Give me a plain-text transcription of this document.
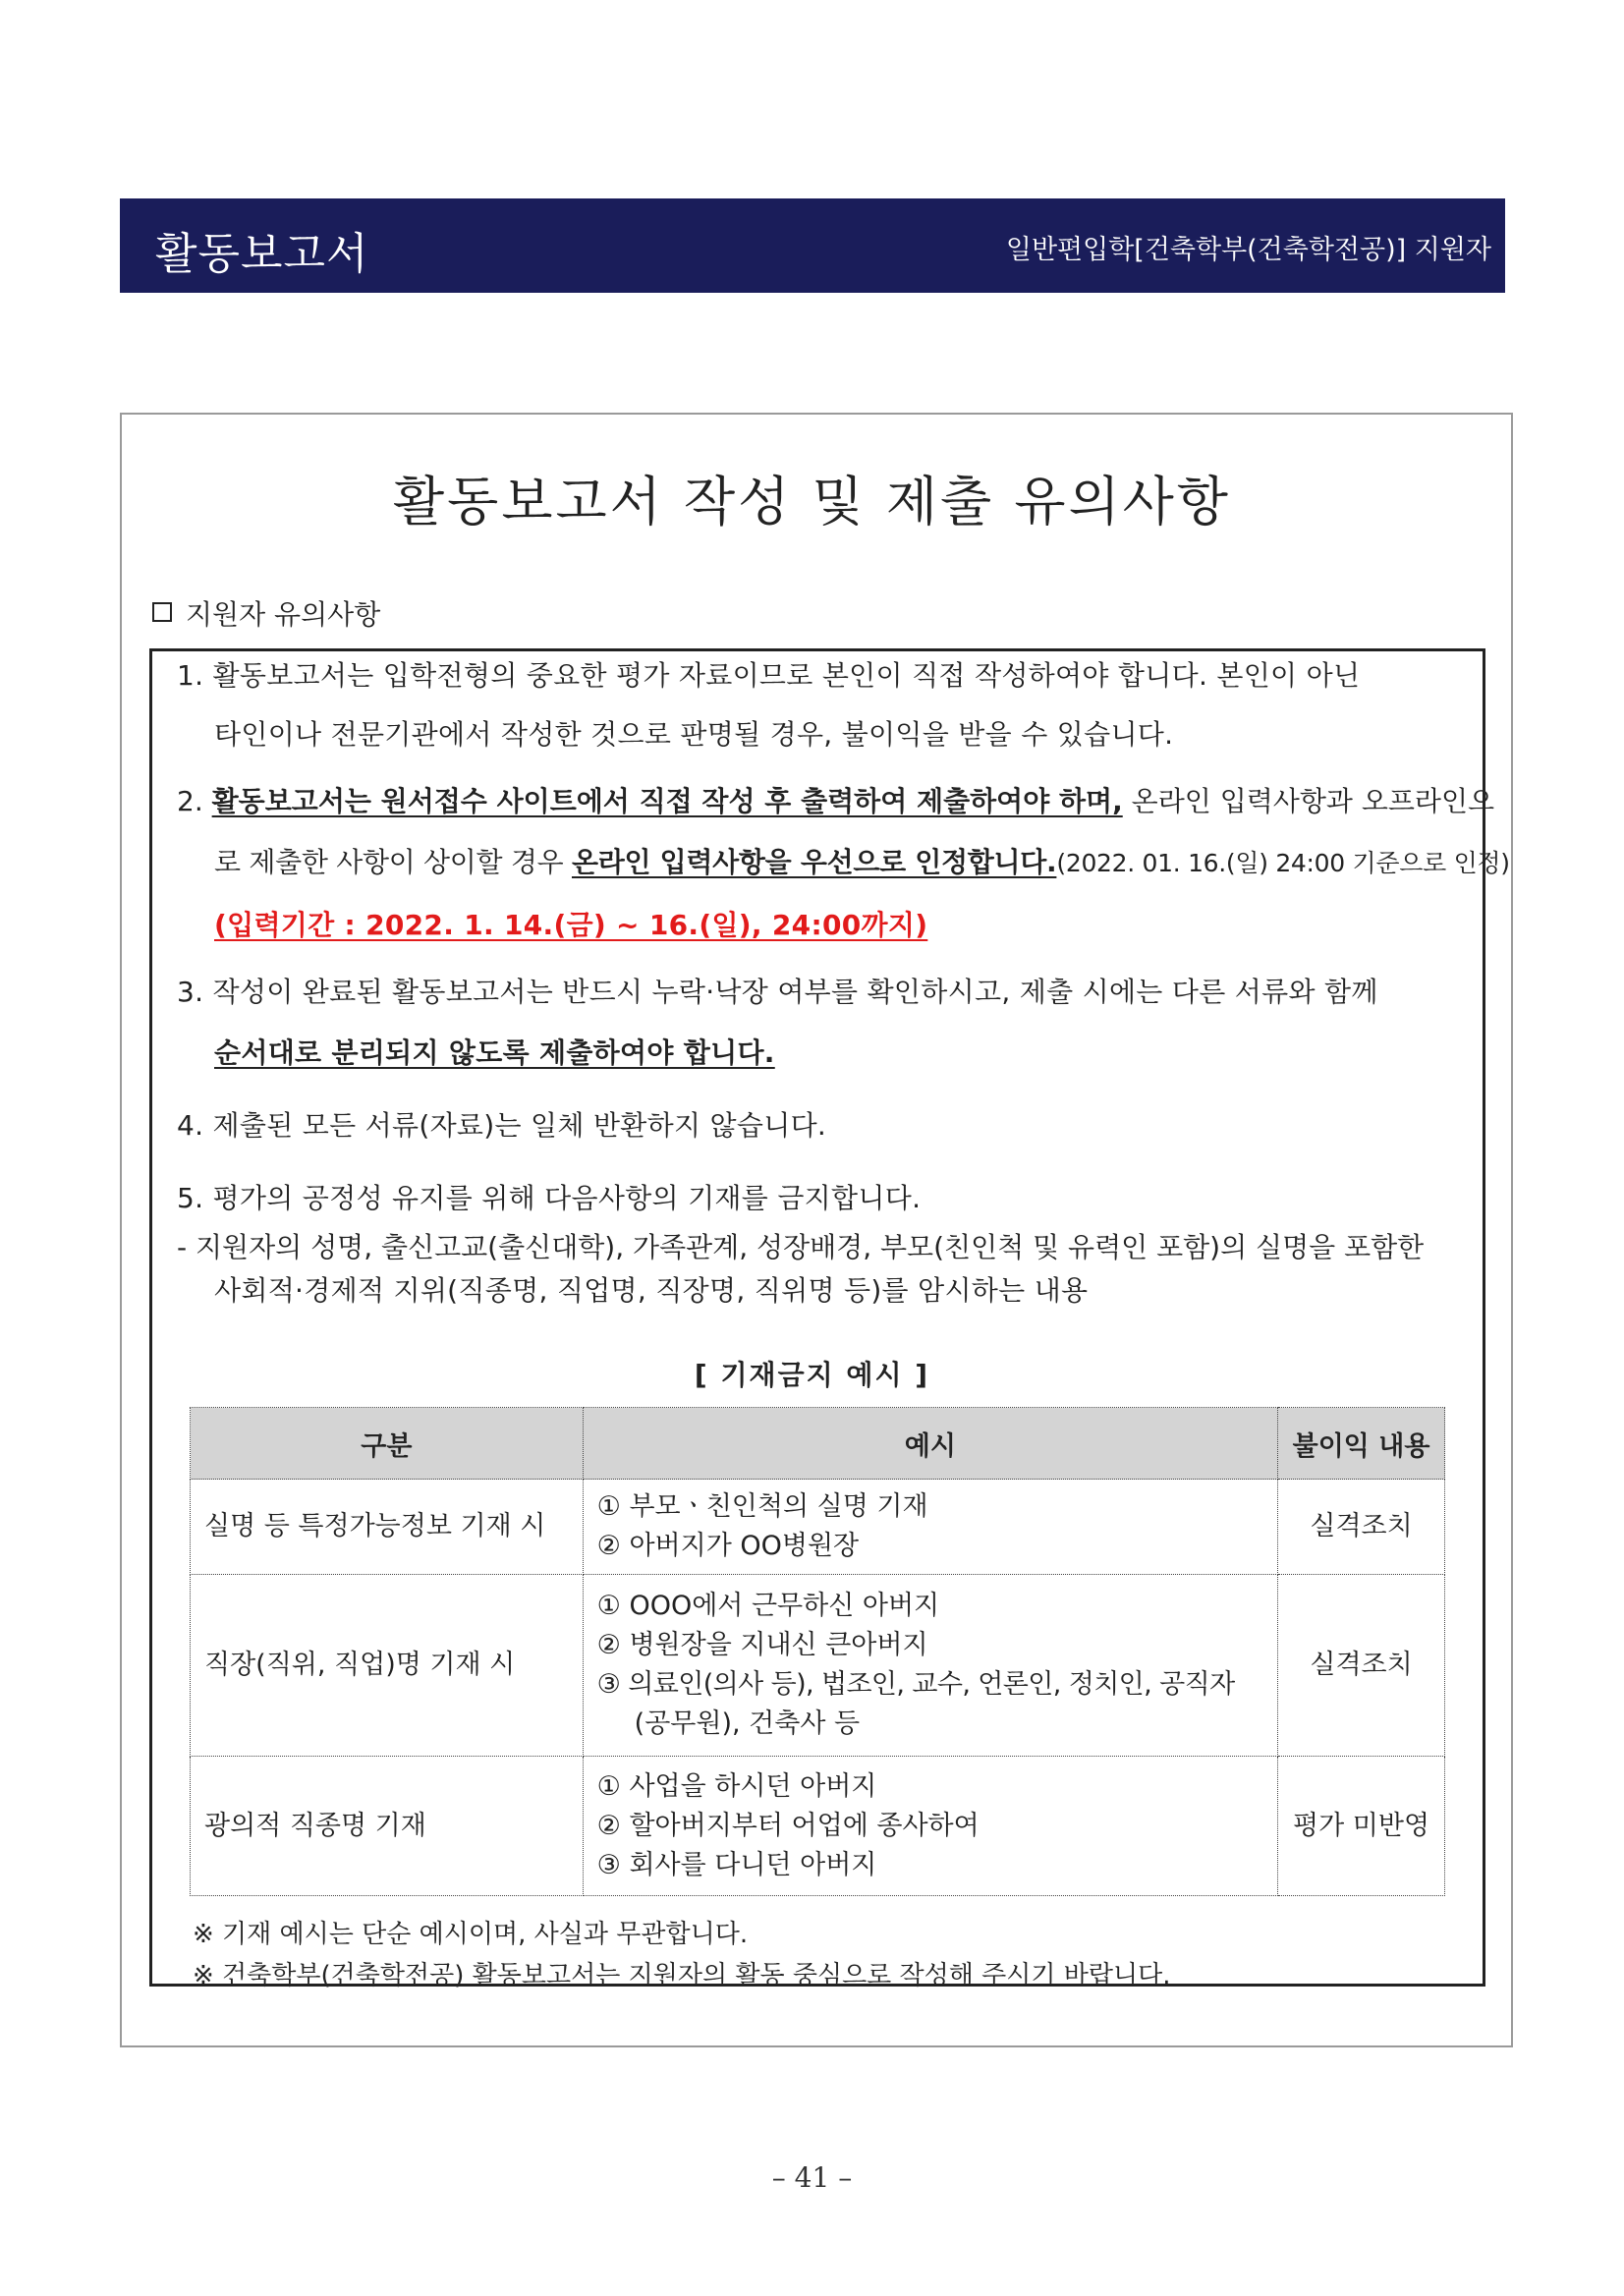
활동보고서	일반편입학[건축학부(건축학전공)] 지원자
활동보고서 작성 및 제출 유의사항
지원자 유의사항
1. 활동보고서는 입학전형의 중요한 평가 자료이므로 본인이 직접 작성하여야 합니다. 본인이 아닌
타인이나 전문기관에서 작성한 것으로 판명될 경우, 불이익을 받을 수 있습니다.
2. 활동보고서는 원서접수 사이트에서 직접 작성 후 출력하여 제출하여야 하며, 온라인 입력사항과 오프라인으
로 제출한 사항이 상이할 경우 온라인 입력사항을 우선으로 인정합니다.(2022. 01. 16.(일) 24:00 기준으로 인정)
(입력기간 : 2022. 1. 14.(금) ~ 16.(일), 24:00까지)
3. 작성이 완료된 활동보고서는 반드시 누락·낙장 여부를 확인하시고, 제출 시에는 다른 서류와 함께
순서대로 분리되지 않도록 제출하여야 합니다.
4. 제출된 모든 서류(자료)는 일체 반환하지 않습니다.
5. 평가의 공정성 유지를 위해 다음사항의 기재를 금지합니다.
- 지원자의 성명, 출신고교(출신대학), 가족관계, 성장배경, 부모(친인척 및 유력인 포함)의 실명을 포함한
사회적·경제적 지위(직종명, 직업명, 직장명, 직위명 등)를 암시하는 내용
[ 기재금지 예시 ]
구분	예시	불이익 내용
실명 등 특정가능정보 기재 시	① 부모ㆍ친인척의 실명 기재
② 아버지가 OO병원장	실격조치
직장(직위, 직업)명 기재 시	① OOO에서 근무하신 아버지
② 병원장을 지내신 큰아버지
③ 의료인(의사 등), 법조인, 교수, 언론인, 정치인, 공직자
(공무원), 건축사 등	실격조치
광의적 직종명 기재	① 사업을 하시던 아버지
② 할아버지부터 어업에 종사하여
③ 회사를 다니던 아버지	평가 미반영
※ 기재 예시는 단순 예시이며, 사실과 무관합니다.
※ 건축학부(건축학전공) 활동보고서는 지원자의 활동 중심으로 작성해 주시기 바랍니다.
– 41 –
